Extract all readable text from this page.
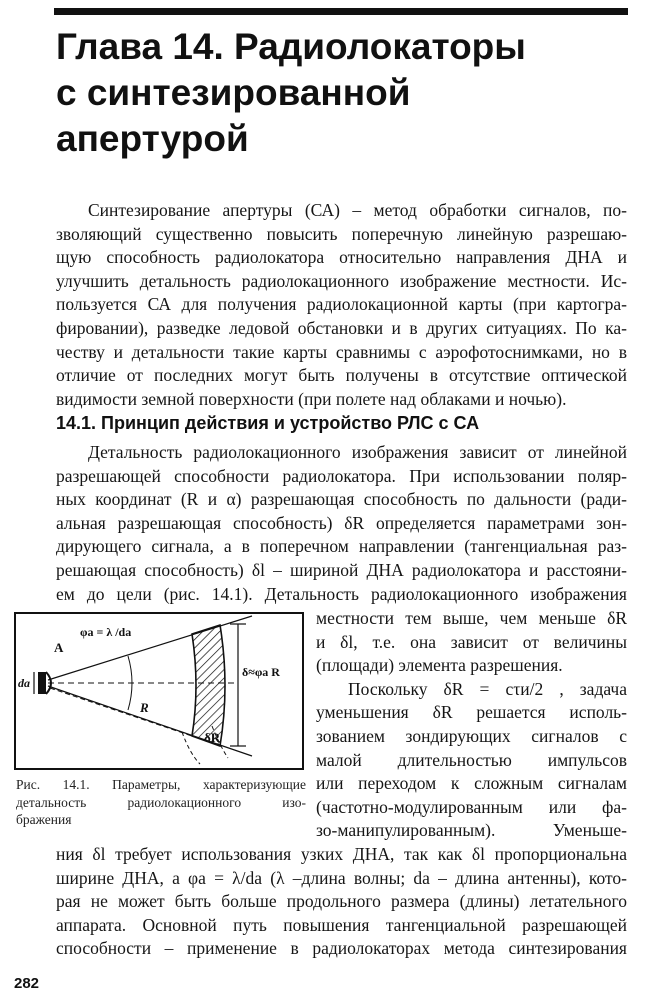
Глава 14. Радиолокаторы
с синтезированной
апертурой
Синтезирование апертуры (СА) – метод обработки сигналов, по-
зволяющий существенно повысить поперечную линейную разрешаю-
щую способность радиолокатора относительно направления ДНА и
улучшить детальность радиолокационного изображение местности. Ис-
пользуется СА для получения радиолокационной карты (при картогра-
фировании), разведке ледовой обстановки и в других ситуациях. По ка-
честву и детальности такие карты сравнимы с аэрофотоснимками, но в
отличие от последних могут быть получены в отсутствие оптической
видимости земной поверхности (при полете над облаками и ночью).
14.1. Принцип действия и устройство РЛС с СА
Детальность радиолокационного изображения зависит от линейной
разрешающей способности радиолокатора. При использовании поляр-
ных координат (R и α) разрешающая способность по дальности (ради-
альная разрешающая способность) δR определяется параметрами зон-
дирующего сигнала, а в поперечном направлении (тангенциальная раз-
решающая способность) δl – шириной ДНА радиолокатора и расстояни-
ем до цели (рис. 14.1). Детальность радиолокационного изображения
A
dа
φа = λ /dа
δ≈φа R
R
δR
Рис. 14.1. Параметры, характеризующие
детальность радиолокационного изо-
бражения
местности тем выше, чем меньше δR
и δl, т.е. она зависит от величины
(площади) элемента разрешения.
Поскольку δR = cτи/2 , задача
уменьшения δR решается исполь-
зованием зондирующих сигналов с
малой длительностью импульсов
или переходом к сложным сигналам
(частотно-модулированным или фа-
зо-манипулированным). Уменьше-
ния δl требует использования узких ДНА, так как δl пропорциональна
ширине ДНА, а φа = λ/dа (λ –длина волны; dа – длина антенны), кото-
рая не может быть больше продольного размера (длины) летательного
аппарата. Основной путь повышения тангенциальной разрешающей
способности – применение в радиолокаторах метода синтезирования
282
